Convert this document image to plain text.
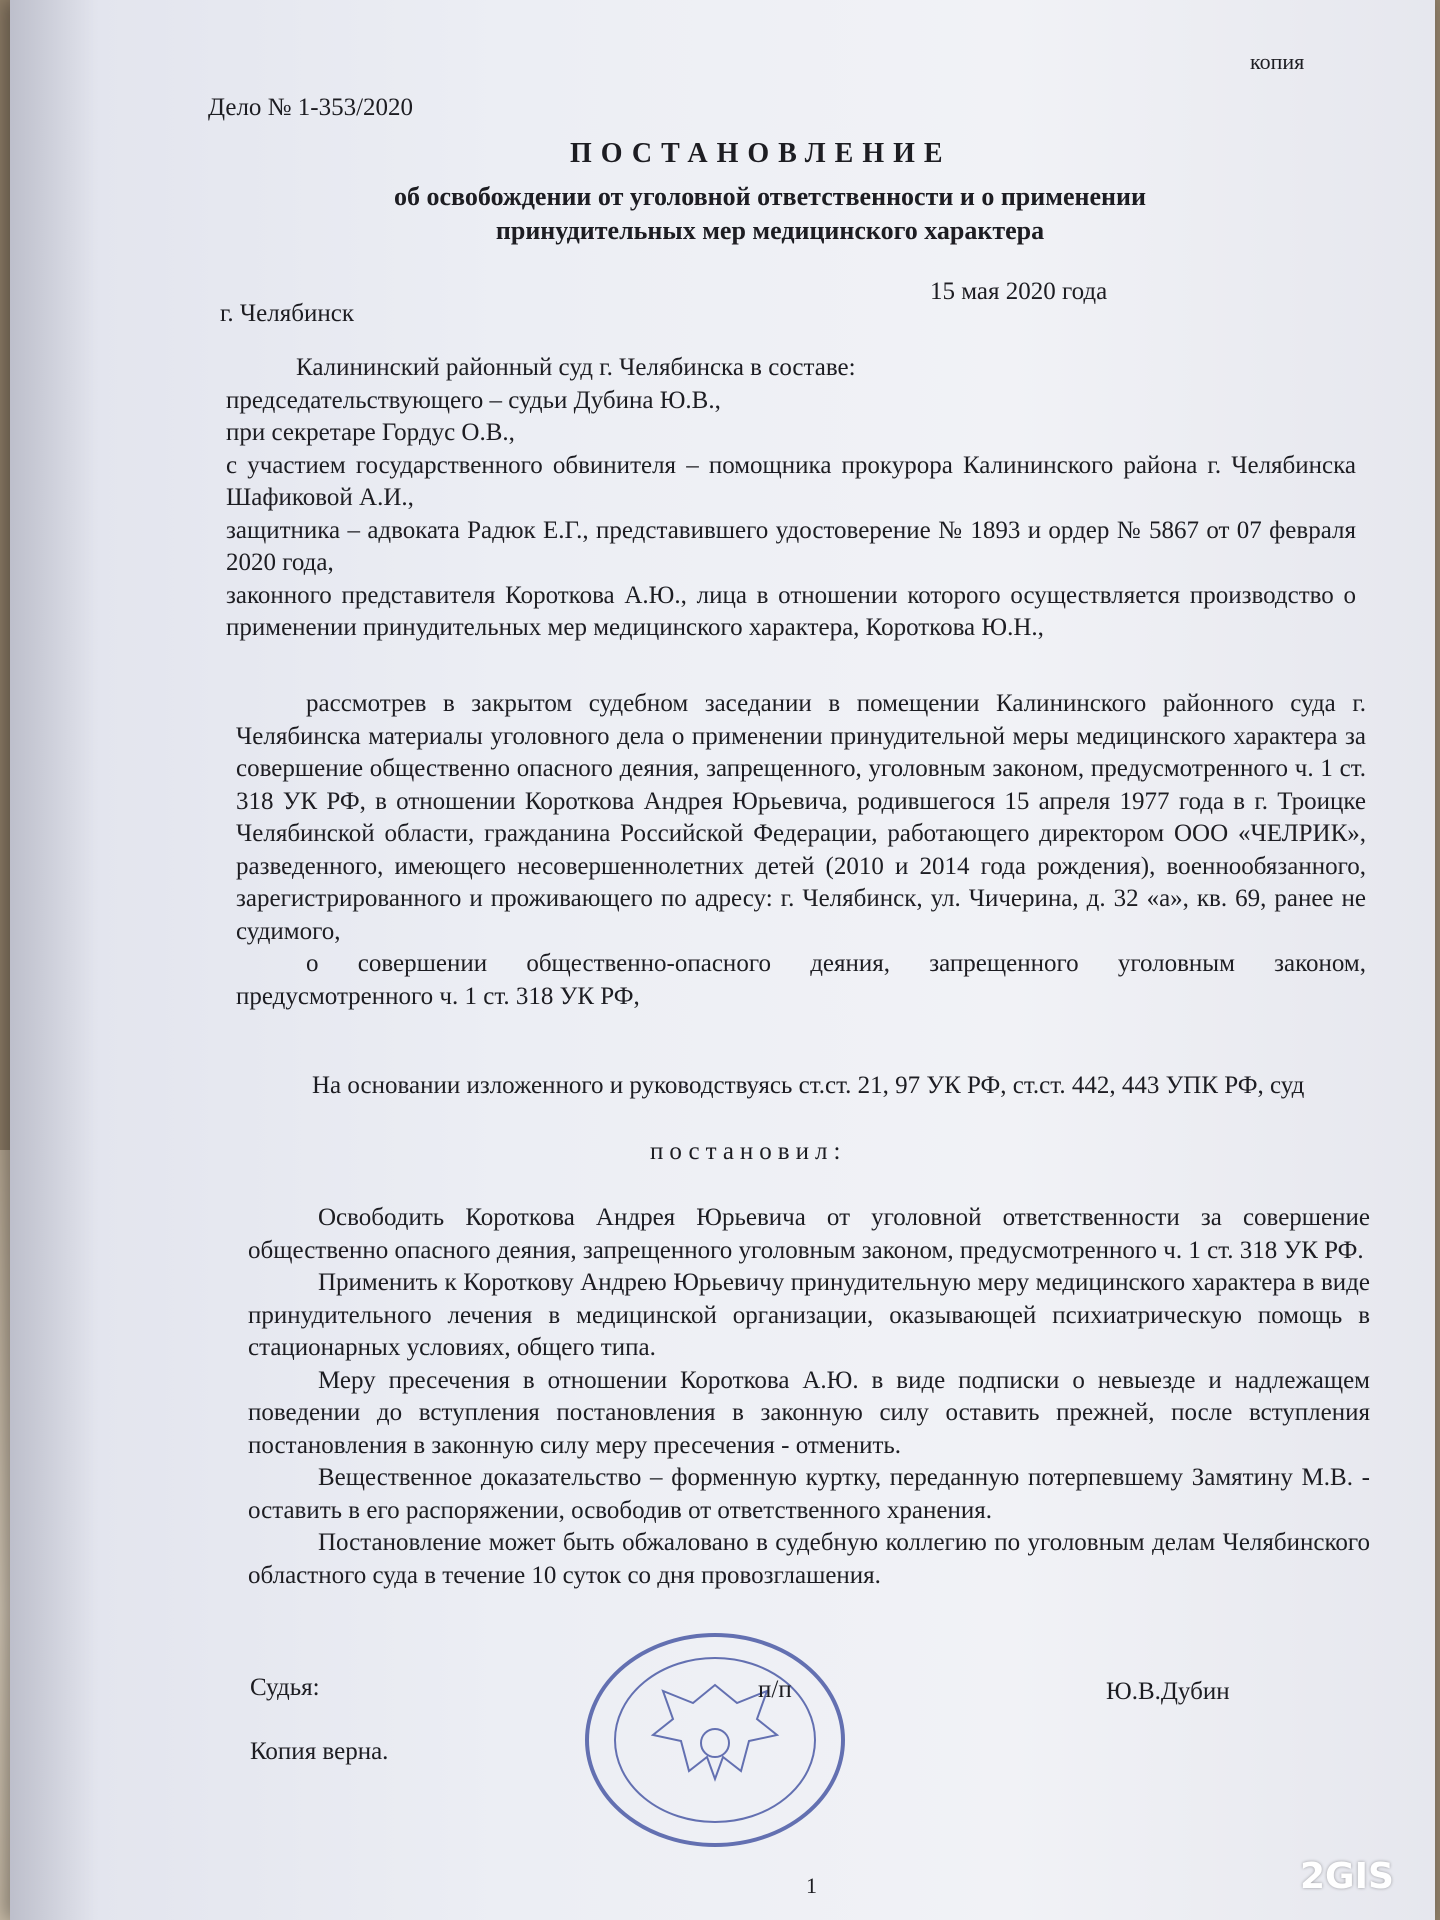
копия
Дело № 1-353/2020
ПОСТАНОВЛЕНИЕ
об освобождении от уголовной ответственности и о применении
принудительных мер медицинского характера
г. Челябинск
15 мая 2020 года
Калининский районный суд г. Челябинска в составе:
председательствующего – судьи Дубина Ю.В.,
при секретаре Гордус О.В.,
с участием государственного обвинителя – помощника прокурора Калининского района г. Челябинска Шафиковой А.И.,
защитника – адвоката Радюк Е.Г., представившего удостоверение № 1893 и ордер № 5867 от 07 февраля 2020 года,
законного представителя Короткова А.Ю., лица в отношении которого осуществляется производство о применении принудительных мер медицинского характера, Короткова Ю.Н.,
рассмотрев в закрытом судебном заседании в помещении Калининского районного суда г. Челябинска материалы уголовного дела о применении принудительной меры медицинского характера за совершение общественно опасного деяния, запрещенного, уголовным законом, предусмотренного ч. 1 ст. 318 УК РФ, в отношении Короткова Андрея Юрьевича, родившегося 15 апреля 1977 года в г. Троицке Челябинской области, гражданина Российской Федерации, работающего директором ООО «ЧЕЛРИК», разведенного, имеющего несовершеннолетних детей (2010 и 2014 года рождения), военнообязанного, зарегистрированного и проживающего по адресу: г. Челябинск, ул. Чичерина, д. 32 «а», кв. 69, ранее не судимого,
о совершении общественно-опасного деяния, запрещенного уголовным законом, предусмотренного ч. 1 ст. 318 УК РФ,
На основании изложенного и руководствуясь ст.ст. 21, 97 УК РФ, ст.ст. 442, 443 УПК РФ, суд
постановил:
Освободить Короткова Андрея Юрьевича от уголовной ответственности за совершение общественно опасного деяния, запрещенного уголовным законом, предусмотренного ч. 1 ст. 318 УК РФ.
Применить к Короткову Андрею Юрьевичу принудительную меру медицинского характера в виде принудительного лечения в медицинской организации, оказывающей психиатрическую помощь в стационарных условиях, общего типа.
Меру пресечения в отношении Короткова А.Ю. в виде подписки о невыезде и надлежащем поведении до вступления постановления в законную силу оставить прежней, после вступления постановления в законную силу меру пресечения - отменить.
Вещественное доказательство – форменную куртку, переданную потерпевшему Замятину М.В. - оставить в его распоряжении, освободив от ответственного хранения.
Постановление может быть обжаловано в судебную коллегию по уголовным делам Челябинского областного суда в течение 10 суток со дня провозглашения.
Судья:	п/п	Ю.В.Дубин
Копия верна.
1	2GIS
